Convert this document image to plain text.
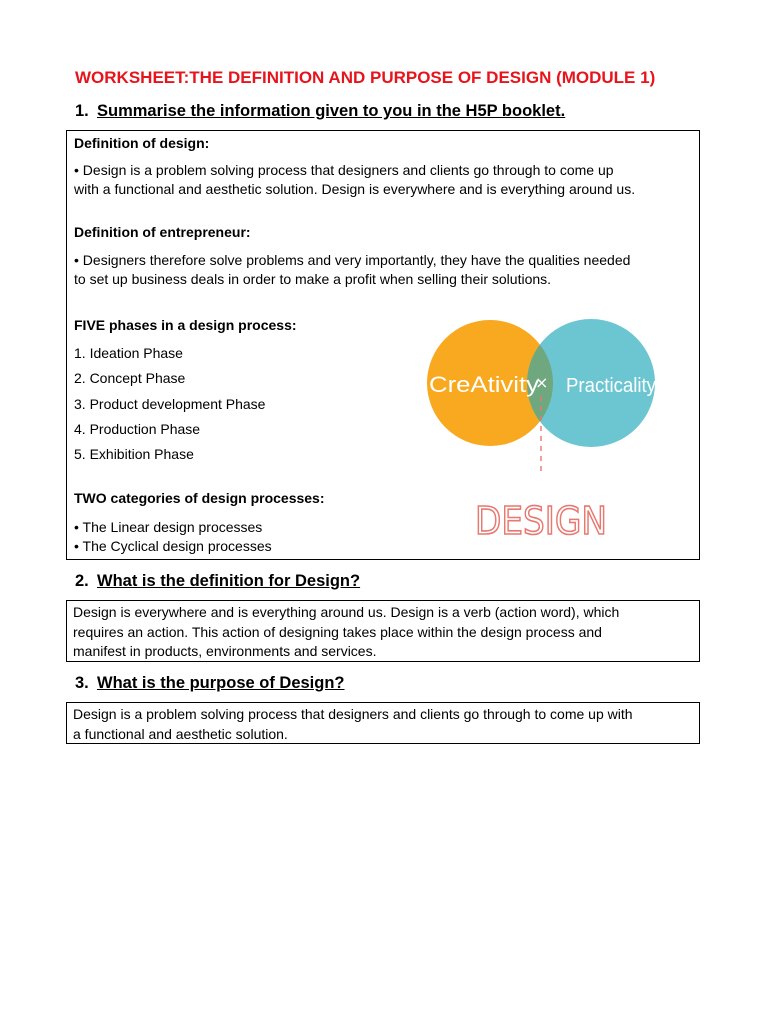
WORKSHEET:THE DEFINITION AND PURPOSE OF DESIGN (MODULE 1)
1. Summarise the information given to you in the H5P booklet.
Definition of design:
• Design is a problem solving process that designers and clients go through to come up
with a functional and aesthetic solution. Design is everywhere and is everything around us.
Definition of entrepreneur:
• Designers therefore solve problems and very importantly, they have the qualities needed
to set up business deals in order to make a profit when selling their solutions.
FIVE phases in a design process:
1. Ideation Phase
2. Concept Phase
3. Product development Phase
4. Production Phase
5. Exhibition Phase
TWO categories of design processes:
• The Linear design processes
• The Cyclical design processes
CreAtivity Practicality
×
DESIGN
2. What is the definition for Design?
Design is everywhere and is everything around us. Design is a verb (action word), which
requires an action. This action of designing takes place within the design process and
manifest in products, environments and services.
3. What is the purpose of Design?
Design is a problem solving process that designers and clients go through to come up with
a functional and aesthetic solution.
